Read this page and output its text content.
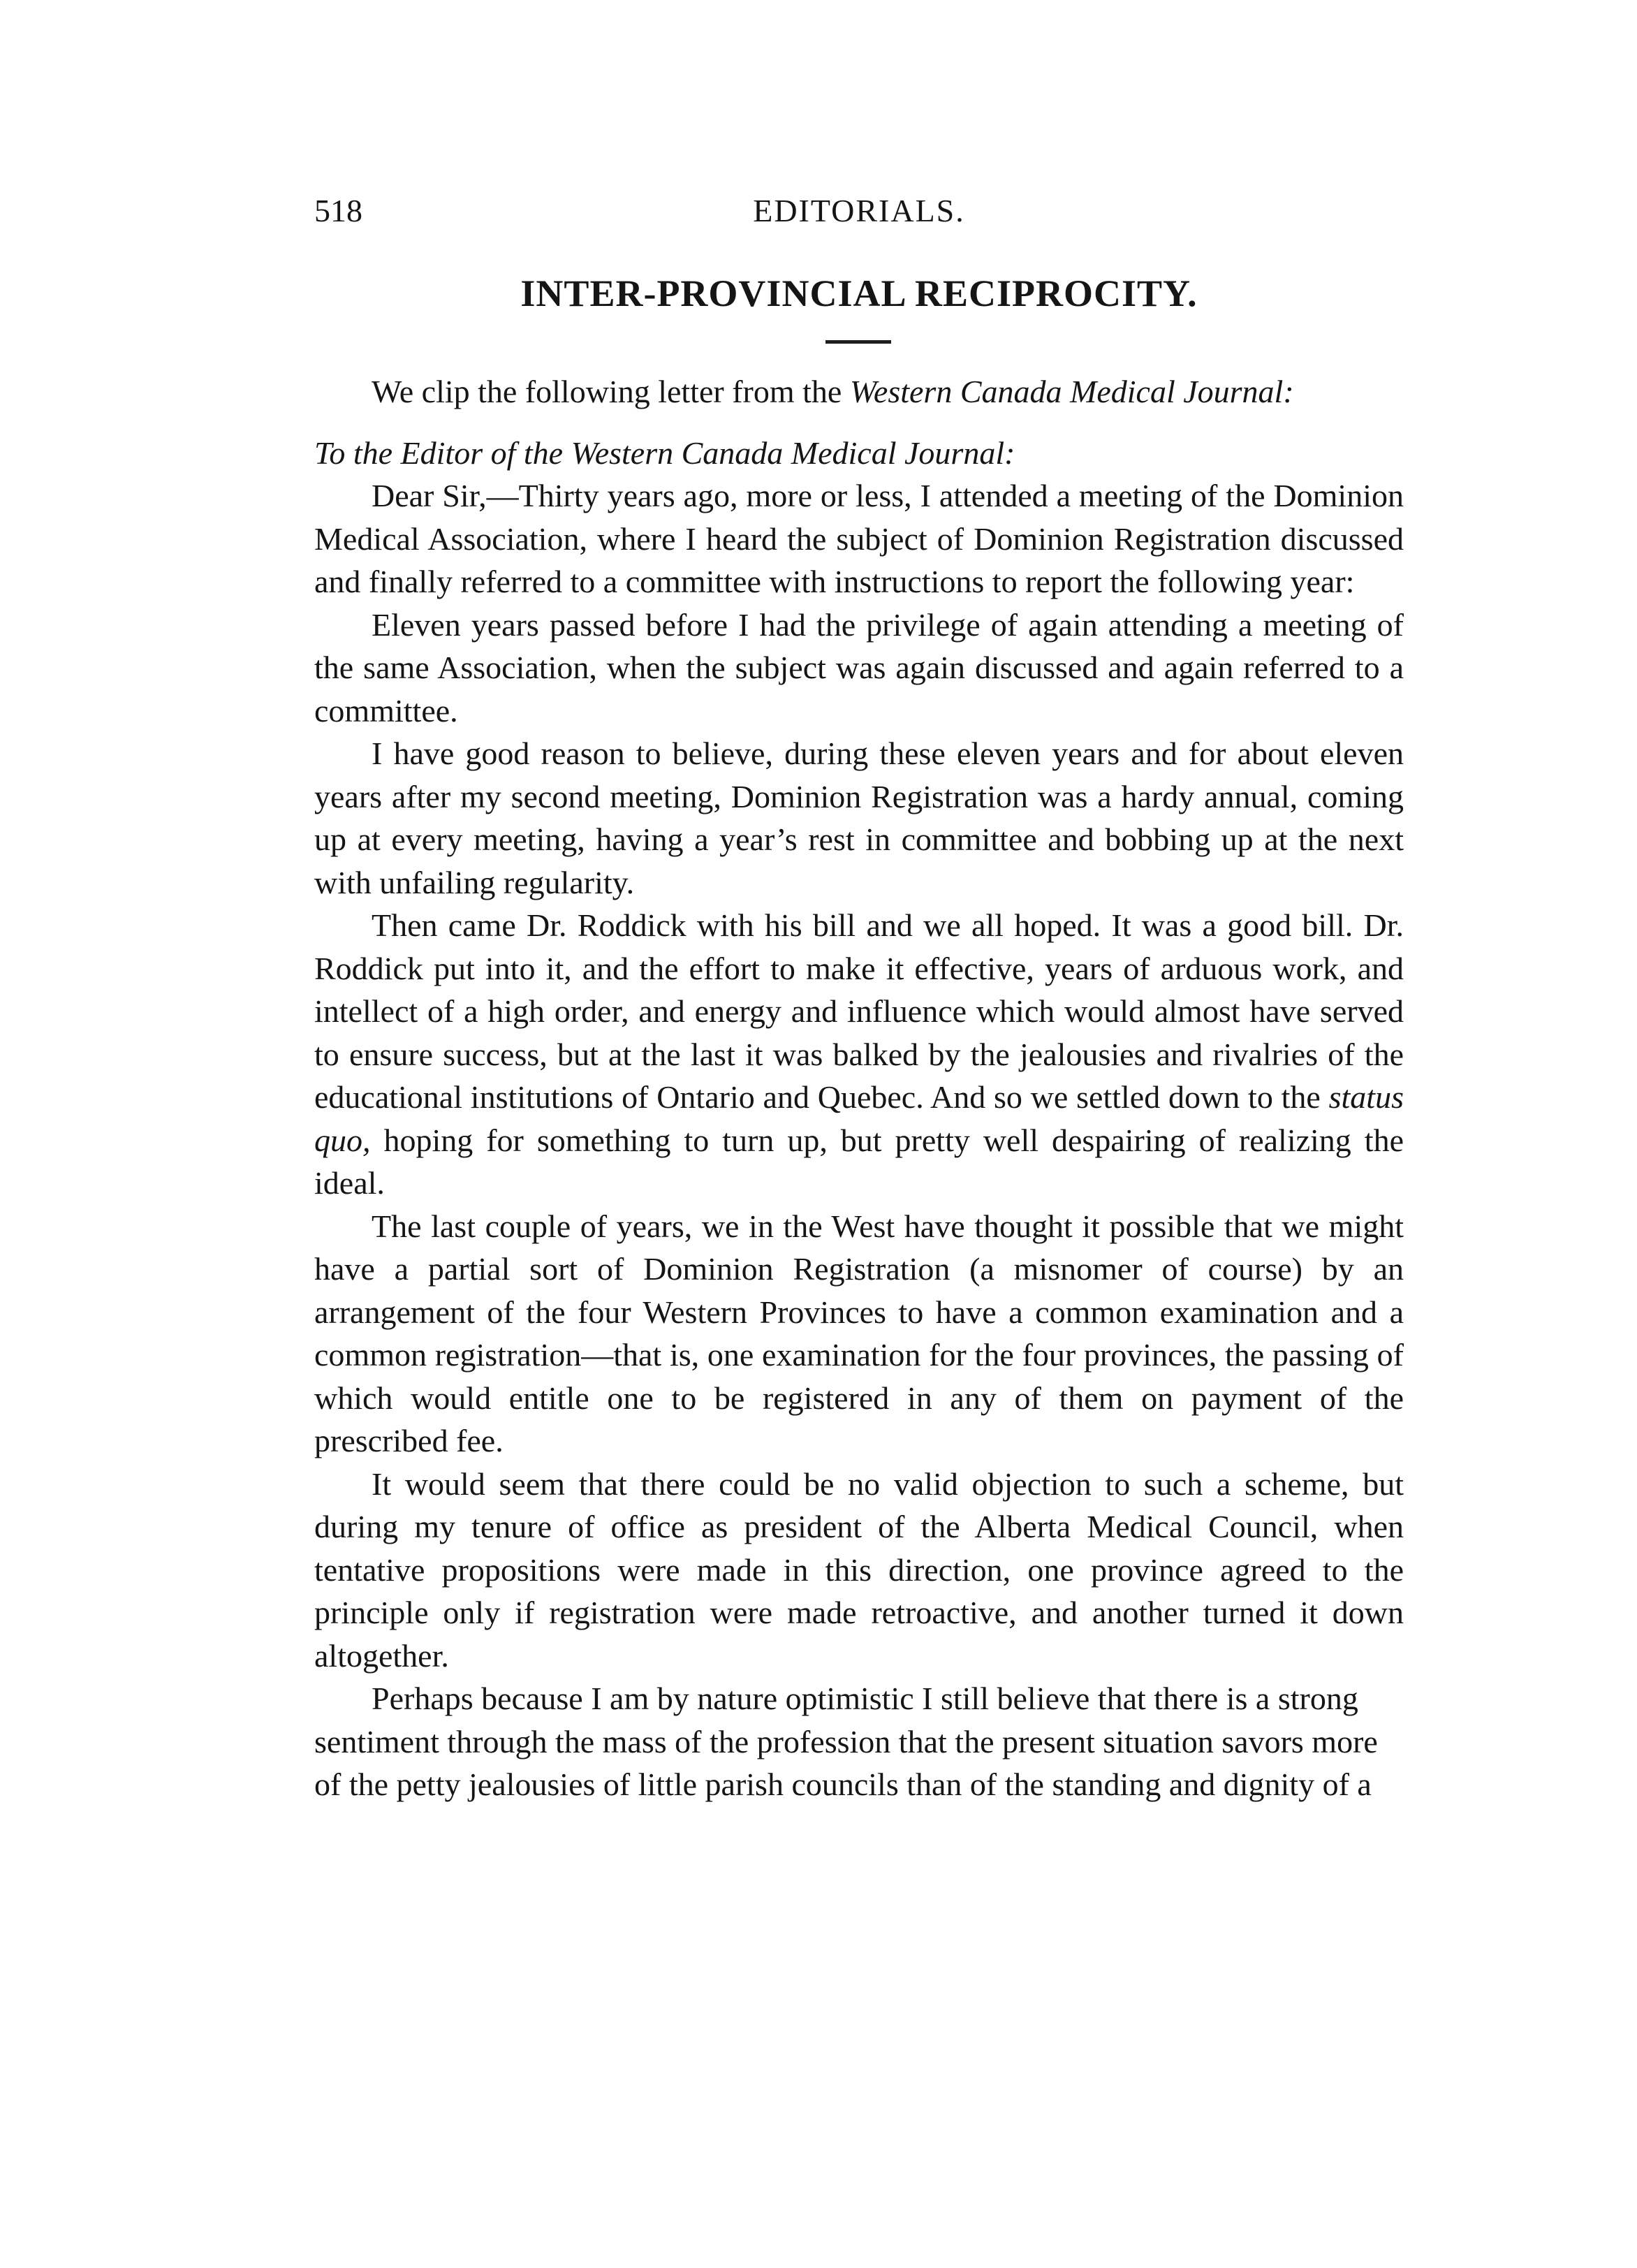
518	EDITORIALS.
INTER-PROVINCIAL RECIPROCITY.

We clip the following letter from the Western Canada Medical Journal:

To the Editor of the Western Canada Medical Journal:

Dear Sir,—Thirty years ago, more or less, I attended a meeting of the Dominion Medical Association, where I heard the subject of Dominion Registration discussed and finally referred to a committee with instructions to report the following year:

Eleven years passed before I had the privilege of again attending a meeting of the same Association, when the subject was again discussed and again referred to a committee.

I have good reason to believe, during these eleven years and for about eleven years after my second meeting, Dominion Registration was a hardy annual, coming up at every meeting, having a year’s rest in committee and bobbing up at the next with unfailing regularity.

Then came Dr. Roddick with his bill and we all hoped. It was a good bill. Dr. Roddick put into it, and the effort to make it effective, years of arduous work, and intellect of a high order, and energy and influence which would almost have served to ensure success, but at the last it was balked by the jealousies and rivalries of the educational institutions of Ontario and Quebec. And so we settled down to the status quo, hoping for something to turn up, but pretty well despairing of realizing the ideal.

The last couple of years, we in the West have thought it possible that we might have a partial sort of Dominion Registration (a misnomer of course) by an arrangement of the four Western Provinces to have a common examination and a common registration—that is, one examination for the four provinces, the passing of which would entitle one to be registered in any of them on payment of the prescribed fee.

It would seem that there could be no valid objection to such a scheme, but during my tenure of office as president of the Alberta Medical Council, when tentative propositions were made in this direction, one province agreed to the principle only if registration were made retroactive, and another turned it down altogether.

Perhaps because I am by nature optimistic I still believe that there is a strong sentiment through the mass of the profession that the present situation savors more of the petty jealousies of little parish councils than of the standing and dignity of a
